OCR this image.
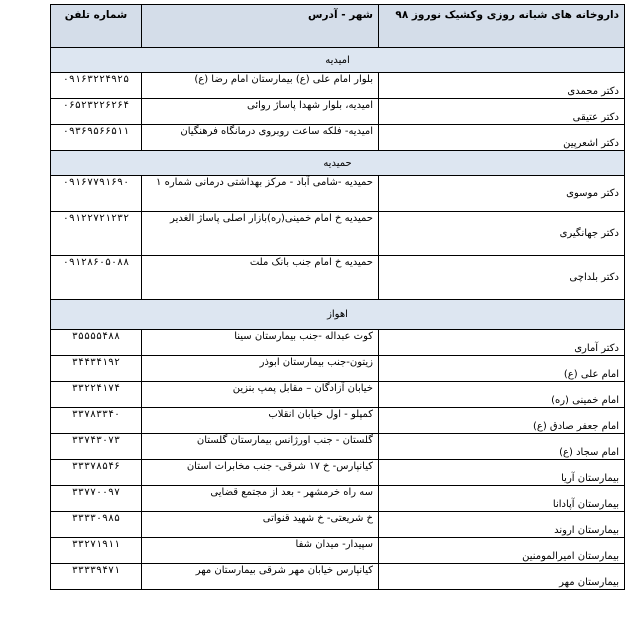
داروخانه های شبانه روزی وکشیک نوروز ۹۸	شهر - آدرس	شماره تلفن
امیدیه		
دکتر محمدی	بلوار امام علی (ع) بیمارستان امام رضا (ع)	۰۹۱۶۳۲۲۴۹۲۵
دکتر عتیقی	امیدیه، بلوار شهدا پاساژ روائی	۰۶۵۲۳۲۲۶۲۶۴
دکتر اشعرپین	امیدیه- فلکه ساعت روبروی درمانگاه فرهنگیان	۰۹۳۶۹۵۶۶۵۱۱
حمیدیه		
دکتر موسوی	حمیدیه -شامی آباد - مرکز بهداشتی درمانی شماره ۱	۰۹۱۶۷۷۹۱۶۹۰
دکتر جهانگیری	حمیدیه خ امام خمینی(ره)بازار اصلی پاساژ الغدیر	۰۹۱۲۲۷۲۱۲۳۲
دکتر بلداچی	حمیدیه خ امام جنب بانک ملت	۰۹۱۲۸۶۰۵۰۸۸
اهواز		
دکتر آماری	کوت عبداله -جنب بیمارستان سینا	۳۵۵۵۵۴۸۸
امام علی (ع)	زیتون-جنب بیمارستان ابوذر	۳۴۴۳۴۱۹۲
امام خمینی (ره)	خیابان آزادگان – مقابل پمپ بنزین	۳۳۲۲۴۱۷۴
امام جعفر صادق (ع)	کمپلو - اول خیابان انقلاب	۳۳۷۸۳۳۴۰
امام سجاد (ع)	گلستان - جنب اورژانس بیمارستان گلستان	۳۳۷۴۳۰۷۳
بیمارستان آریا	کیانپارس- خ ۱۷ شرقی- جنب مخابرات استان	۳۳۳۷۸۵۴۶
بیمارستان آپادانا	سه راه خرمشهر - بعد از مجتمع قضایی	۳۳۷۷۰۰۹۷
بیمارستان اروند	خ شریعتی- خ شهید قنواتی	۳۳۳۳۰۹۸۵
بیمارستان امیرالمومنین	سپیدار- میدان شفا	۳۳۲۷۱۹۱۱
بیمارستان مهر	کیانپارس خیابان مهر شرقی بیمارستان مهر	۳۳۳۳۹۴۷۱
